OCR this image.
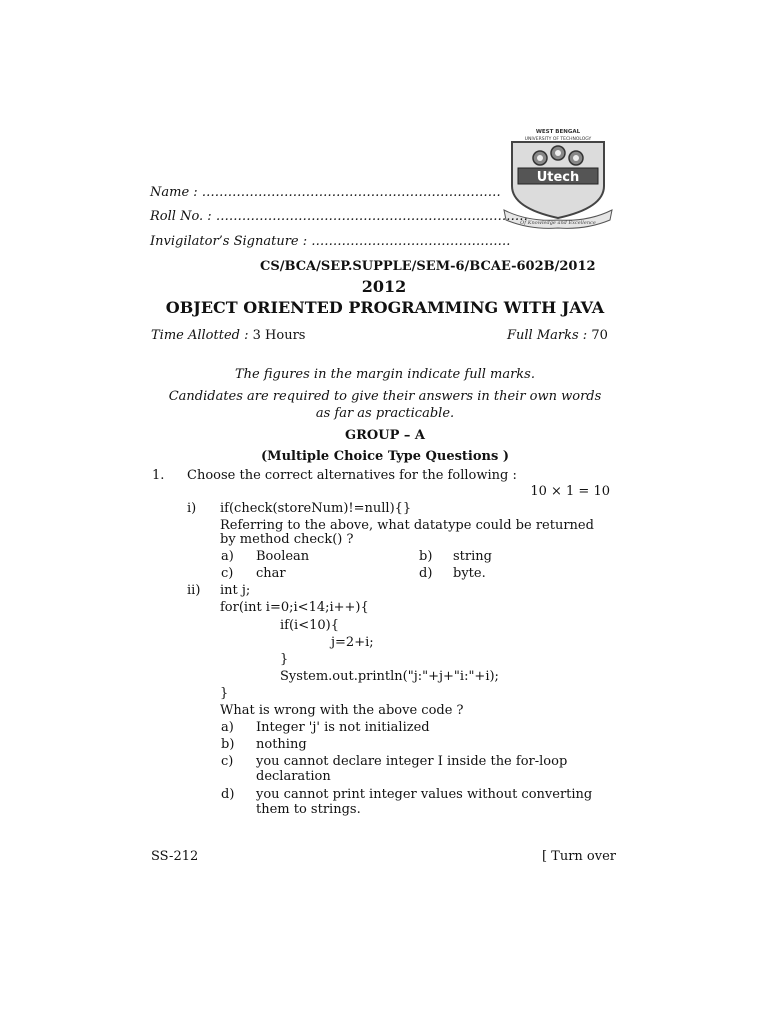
WEST BENGAL
UNIVERSITY OF TECHNOLOGY
Utech
Of Knowledge and Excellence
Name : ……………………………………………………………
Roll No. : ………………………………………………………………
Invigilator’s Signature : ……………………………………….
CS/BCA/SEP.SUPPLE/SEM-6/BCAE-602B/2012
2012
OBJECT ORIENTED PROGRAMMING WITH JAVA
Time Allotted : 3 Hours	Full Marks : 70
The figures in the margin indicate full marks.
Candidates are required to give their answers in their own words
as far as practicable.
GROUP – A
(Multiple Choice Type Questions )
1. Choose the correct alternatives for the following :
10 × 1 = 10
i) if(check(storeNum)!=null){}
Referring to the above, what datatype could be returned
by method check() ?
a) Boolean	b) string
c) char	d) byte.
ii) int j;
for(int i=0;i<14;i++){
if(i<10){
j=2+i;
}
System.out.println("j:"+j+"i:"+i);
}
What is wrong with the above code ?
a) Integer 'j' is not initialized
b) nothing
c) you cannot declare integer I inside the for-loop
declaration
d) you cannot print integer values without converting
them to strings.
SS-212	[ Turn over
